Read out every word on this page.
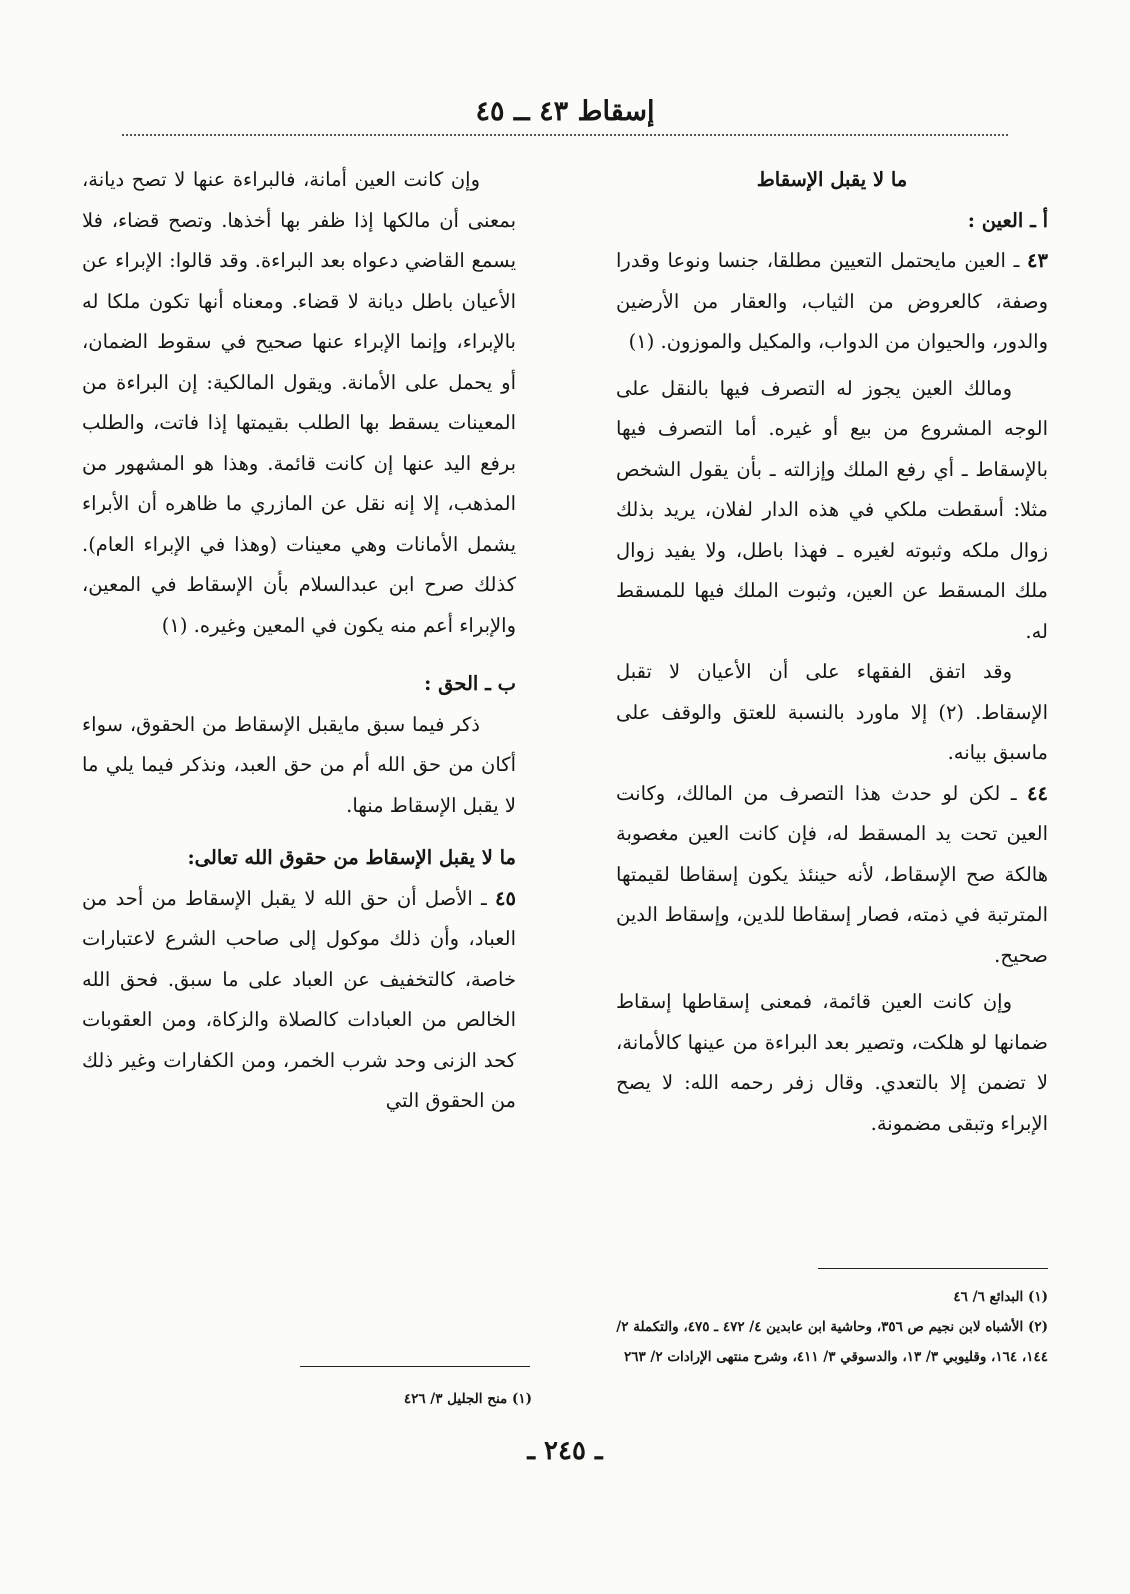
إسقاط ٤٣ ــ ٤٥

ما لا يقبل الإسقاط

أ ـ العين :

٤٣ ـ العين مايحتمل التعيين مطلقا، جنسا ونوعا وقدرا وصفة، كالعروض من الثياب، والعقار من الأرضين والدور، والحيوان من الدواب، والمكيل والموزون. (١)

ومالك العين يجوز له التصرف فيها بالنقل على الوجه المشروع من بيع أو غيره. أما التصرف فيها بالإسقاط ـ أي رفع الملك وإزالته ـ بأن يقول الشخص مثلا: أسقطت ملكي في هذه الدار لفلان، يريد بذلك زوال ملكه وثبوته لغيره ـ فهذا باطل، ولا يفيد زوال ملك المسقط عن العين، وثبوت الملك فيها للمسقط له.

وقد اتفق الفقهاء على أن الأعيان لا تقبل الإسقاط. (٢) إلا ماورد بالنسبة للعتق والوقف على ماسبق بيانه.

٤٤ ـ لكن لو حدث هذا التصرف من المالك، وكانت العين تحت يد المسقط له، فإن كانت العين مغصوبة هالكة صح الإسقاط، لأنه حينئذ يكون إسقاطا لقيمتها المترتبة في ذمته، فصار إسقاطا للدين، وإسقاط الدين صحيح.

وإن كانت العين قائمة، فمعنى إسقاطها إسقاط ضمانها لو هلكت، وتصير بعد البراءة من عينها كالأمانة، لا تضمن إلا بالتعدي. وقال زفر رحمه الله: لا يصح الإبراء وتبقى مضمونة.

وإن كانت العين أمانة، فالبراءة عنها لا تصح ديانة، بمعنى أن مالكها إذا ظفر بها أخذها. وتصح قضاء، فلا يسمع القاضي دعواه بعد البراءة. وقد قالوا: الإبراء عن الأعيان باطل ديانة لا قضاء. ومعناه أنها تكون ملكا له بالإبراء، وإنما الإبراء عنها صحيح في سقوط الضمان، أو يحمل على الأمانة. ويقول المالكية: إن البراءة من المعينات يسقط بها الطلب بقيمتها إذا فاتت، والطلب برفع اليد عنها إن كانت قائمة. وهذا هو المشهور من المذهب، إلا إنه نقل عن المازري ما ظاهره أن الأبراء يشمل الأمانات وهي معينات (وهذا في الإبراء العام). كذلك صرح ابن عبدالسلام بأن الإسقاط في المعين، والإبراء أعم منه يكون في المعين وغيره. (١)

ب ـ الحق :

ذكر فيما سبق مايقبل الإسقاط من الحقوق، سواء أكان من حق الله أم من حق العبد، ونذكر فيما يلي ما لا يقبل الإسقاط منها.

ما لا يقبل الإسقاط من حقوق الله تعالى:

٤٥ ـ الأصل أن حق الله لا يقبل الإسقاط من أحد من العباد، وأن ذلك موكول إلى صاحب الشرع لاعتبارات خاصة، كالتخفيف عن العباد على ما سبق. فحق الله الخالص من العبادات كالصلاة والزكاة، ومن العقوبات كحد الزنى وحد شرب الخمر، ومن الكفارات وغير ذلك من الحقوق التي

(١) البدائع ٦/ ٤٦

(٢) الأشباه لابن نجيم ص ٣٥٦، وحاشية ابن عابدين ٤/ ٤٧٢ ـ ٤٧٥، والتكملة ٢/ ١٤٤، ١٦٤، وقليوبي ٣/ ١٣، والدسوقي ٣/ ٤١١، وشرح منتهى الإرادات ٢/ ٢٦٣

(١) منح الجليل ٣/ ٤٢٦

ـ ٢٤٥ ـ
